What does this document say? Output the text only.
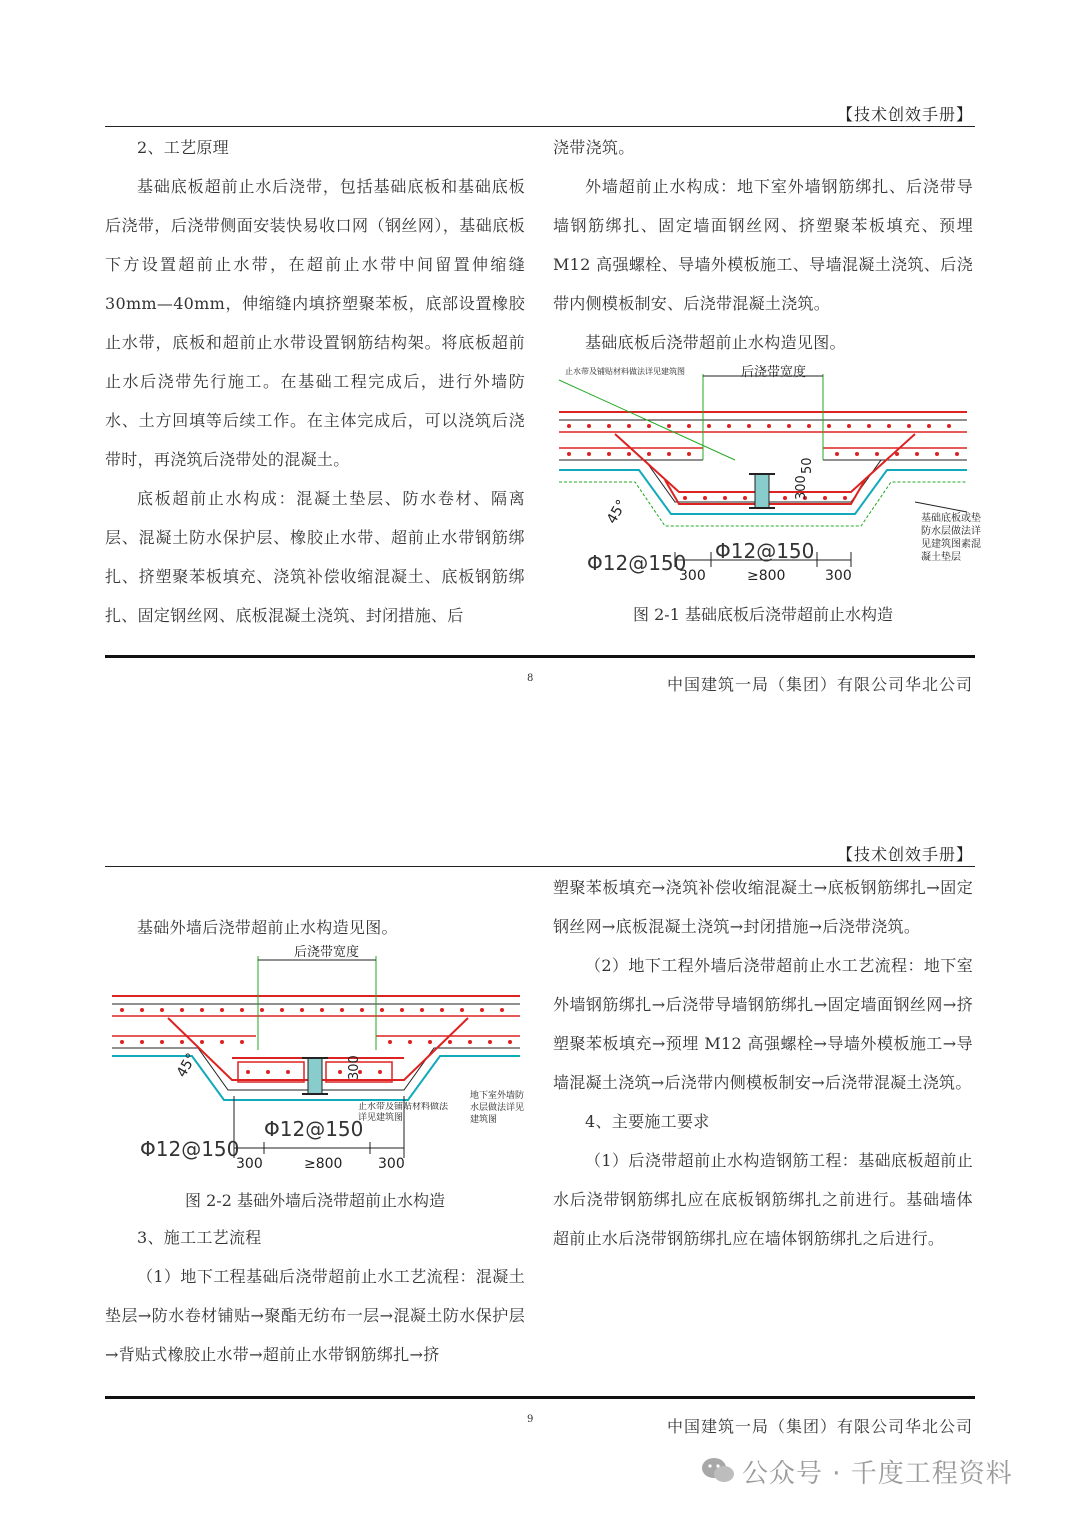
【技术创效手册】

2、工艺原理

基础底板超前止水后浇带，包括基础底板和基础底板后浇带，后浇带侧面安装快易收口网（钢丝网），基础底板下方设置超前止水带，在超前止水带中间留置伸缩缝 30mm—40mm，伸缩缝内填挤塑聚苯板，底部设置橡胶止水带，底板和超前止水带设置钢筋结构架。将底板超前止水后浇带先行施工。在基础工程完成后，进行外墙防水、土方回填等后续工作。在主体完成后，可以浇筑后浇带时，再浇筑后浇带处的混凝土。

底板超前止水构成：混凝土垫层、防水卷材、隔离层、混凝土防水保护层、橡胶止水带、超前止水带钢筋绑扎、挤塑聚苯板填充、浇筑补偿收缩混凝土、底板钢筋绑扎、固定钢丝网、底板混凝土浇筑、封闭措施、后

浇带浇筑。

外墙超前止水构成：地下室外墙钢筋绑扎、后浇带导墙钢筋绑扎、固定墙面钢丝网、挤塑聚苯板填充、预埋 M12 高强螺栓、导墙外模板施工、导墙混凝土浇筑、后浇带内侧模板制安、后浇带混凝土浇筑。

基础底板后浇带超前止水构造见图。

后浇带宽度
止水带及铺贴材料做法详见建筑图
50
300
45°
Φ12@150 Φ12@150
300	≥800	300
基础底板或垫防水层做法详见建筑图素混凝土垫层
图 2-1 基础底板后浇带超前止水构造
8	中国建筑一局（集团）有限公司华北公司
【技术创效手册】

基础外墙后浇带超前止水构造见图。

后浇带宽度
300
45°
Φ12@150
Φ12@150
300	≥800	300
止水带及铺贴材料做法详见建筑图
地下室外墙防水层做法详见建筑图
图 2-2 基础外墙后浇带超前止水构造

3、施工工艺流程

（1）地下工程基础后浇带超前止水工艺流程：混凝土垫层→防水卷材铺贴→聚酯无纺布一层→混凝土防水保护层→背贴式橡胶止水带→超前止水带钢筋绑扎→挤

塑聚苯板填充→浇筑补偿收缩混凝土→底板钢筋绑扎→固定钢丝网→底板混凝土浇筑→封闭措施→后浇带浇筑。

（2）地下工程外墙后浇带超前止水工艺流程：地下室外墙钢筋绑扎→后浇带导墙钢筋绑扎→固定墙面钢丝网→挤塑聚苯板填充→预埋 M12 高强螺栓→导墙外模板施工→导墙混凝土浇筑→后浇带内侧模板制安→后浇带混凝土浇筑。

4、主要施工要求

（1）后浇带超前止水构造钢筋工程：基础底板超前止水后浇带钢筋绑扎应在底板钢筋绑扎之前进行。基础墙体超前止水后浇带钢筋绑扎应在墙体钢筋绑扎之后进行。

9	中国建筑一局（集团）有限公司华北公司
公众号 · 千度工程资料
